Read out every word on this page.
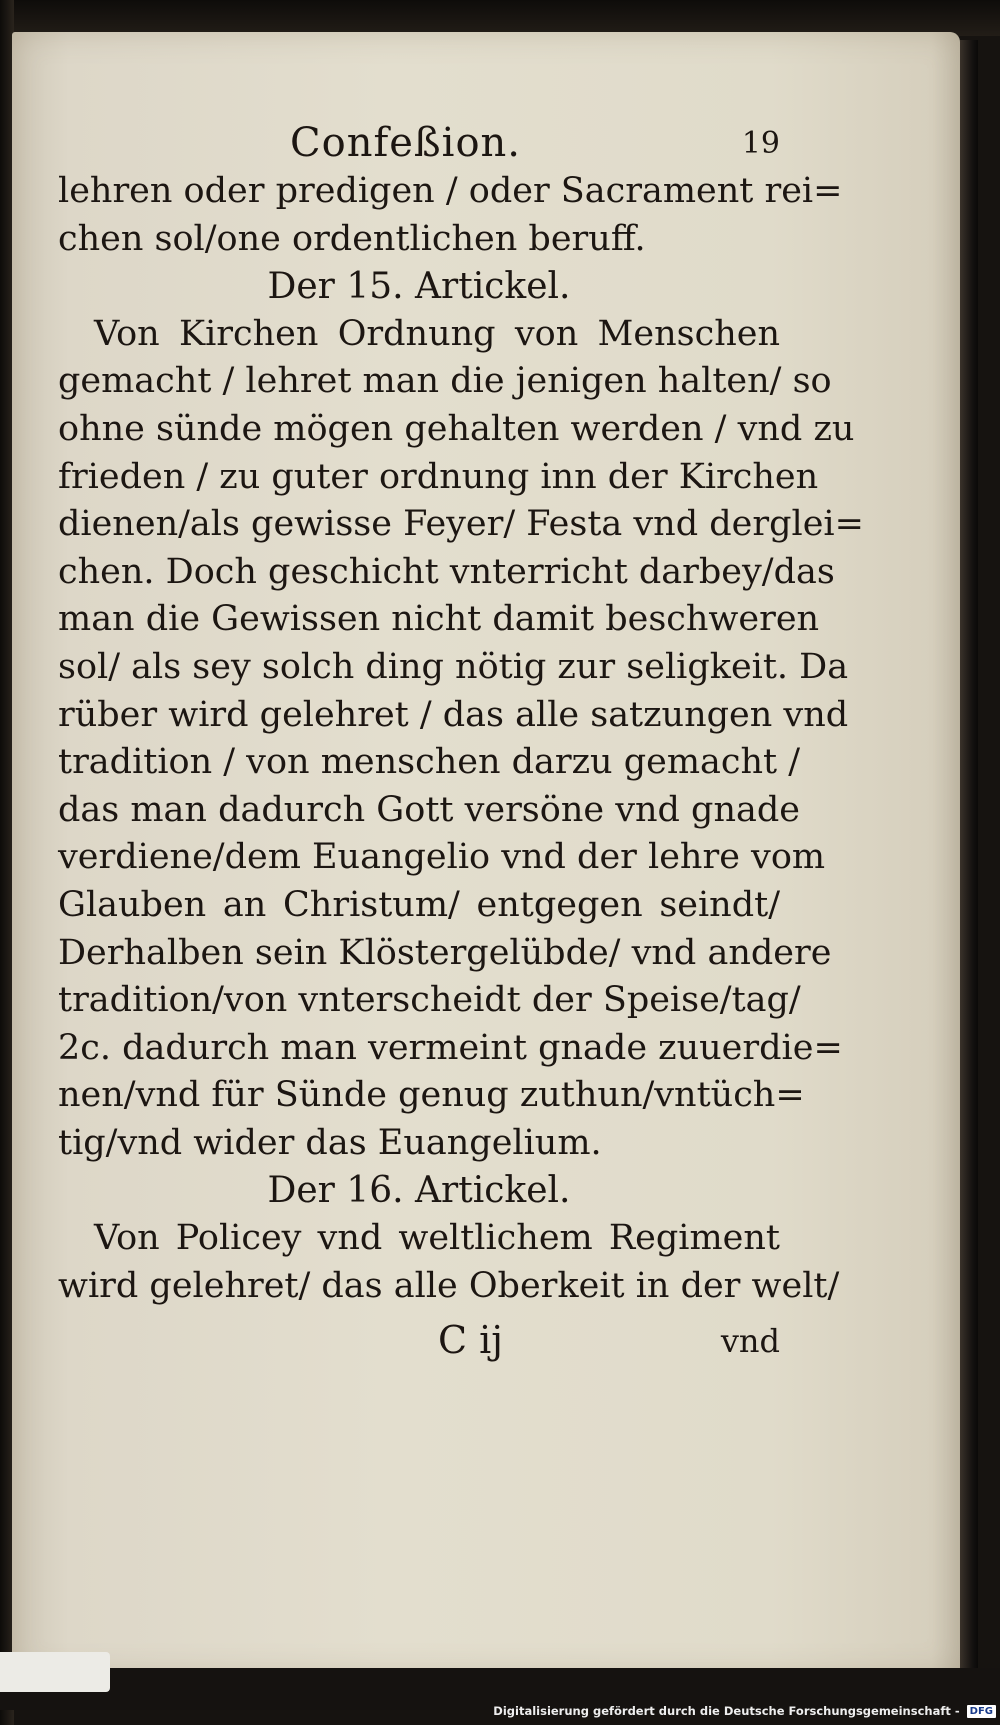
Confeßion.	19
lehren oder predigen / oder Sacrament rei=
chen sol/one ordentlichen beruff.
Der 15. Artickel.
Von Kirchen Ordnung von Menschen
gemacht / lehret man die jenigen halten/ so
ohne sünde mögen gehalten werden / vnd zu
frieden / zu guter ordnung inn der Kirchen
dienen/als gewisse Feyer/ Festa vnd derglei=
chen. Doch geschicht vnterricht darbey/das
man die Gewissen nicht damit beschweren
sol/ als sey solch ding nötig zur seligkeit. Da
rüber wird gelehret / das alle satzungen vnd
tradition / von menschen darzu gemacht /
das man dadurch Gott versöne vnd gnade
verdiene/dem Euangelio vnd der lehre vom
Glauben an Christum/ entgegen seindt/
Derhalben sein Klöstergelübde/ vnd andere
tradition/von vnterscheidt der Speise/tag/
2c. dadurch man vermeint gnade zuuerdie=
nen/vnd für Sünde genug zuthun/vntüch=
tig/vnd wider das Euangelium.
Der 16. Artickel.
Von Policey vnd weltlichem Regiment
wird gelehret/ das alle Oberkeit in der welt/
C ij	vnd
Digitalisierung gefördert durch die Deutsche Forschungsgemeinschaft - DFG
